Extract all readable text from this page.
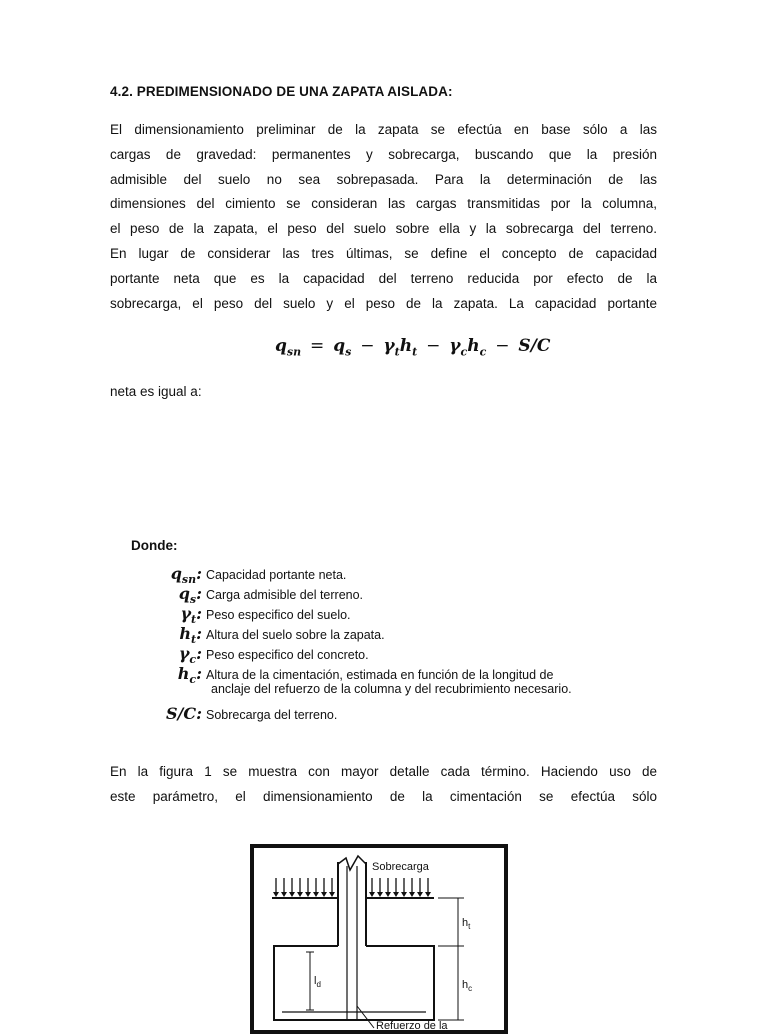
4.2. PREDIMENSIONADO DE UNA ZAPATA AISLADA:
El dimensionamiento preliminar de la zapata se efectúa en base sólo a las
cargas de gravedad: permanentes y sobrecarga, buscando que la presión
admisible del suelo no sea sobrepasada. Para la determinación de las
dimensiones del cimiento se consideran las cargas transmitidas por la columna,
el peso de la zapata, el peso del suelo sobre ella y la sobrecarga del terreno.
En lugar de considerar las tres últimas, se define el concepto de capacidad
portante neta que es la capacidad del terreno reducida por efecto de la
sobrecarga, el peso del suelo y el peso de la zapata. La capacidad portante
$q_{sn} = q_s - \gamma_th_t - \gamma_ch_c - S/C$
neta es igual a:
Donde:
$q_{sn}$: Capacidad portante neta.
$q_s$: Carga admisible del terreno.
$\gamma_t$: Peso especifico del suelo.
$h_t$: Altura del suelo sobre la zapata.
$\gamma_c$: Peso especifico del concreto.
$h_c$: Altura de la cimentación, estimada en función de la longitud de
anclaje del refuerzo de la columna y del recubrimiento necesario.
S/C: Sobrecarga del terreno.
En la figura 1 se muestra con mayor detalle cada término. Haciendo uso de
este parámetro, el dimensionamiento de la cimentación se efectúa sólo
Sobrecarga
$h_t$
$h_c$
$l_d$
Refuerzo de la
